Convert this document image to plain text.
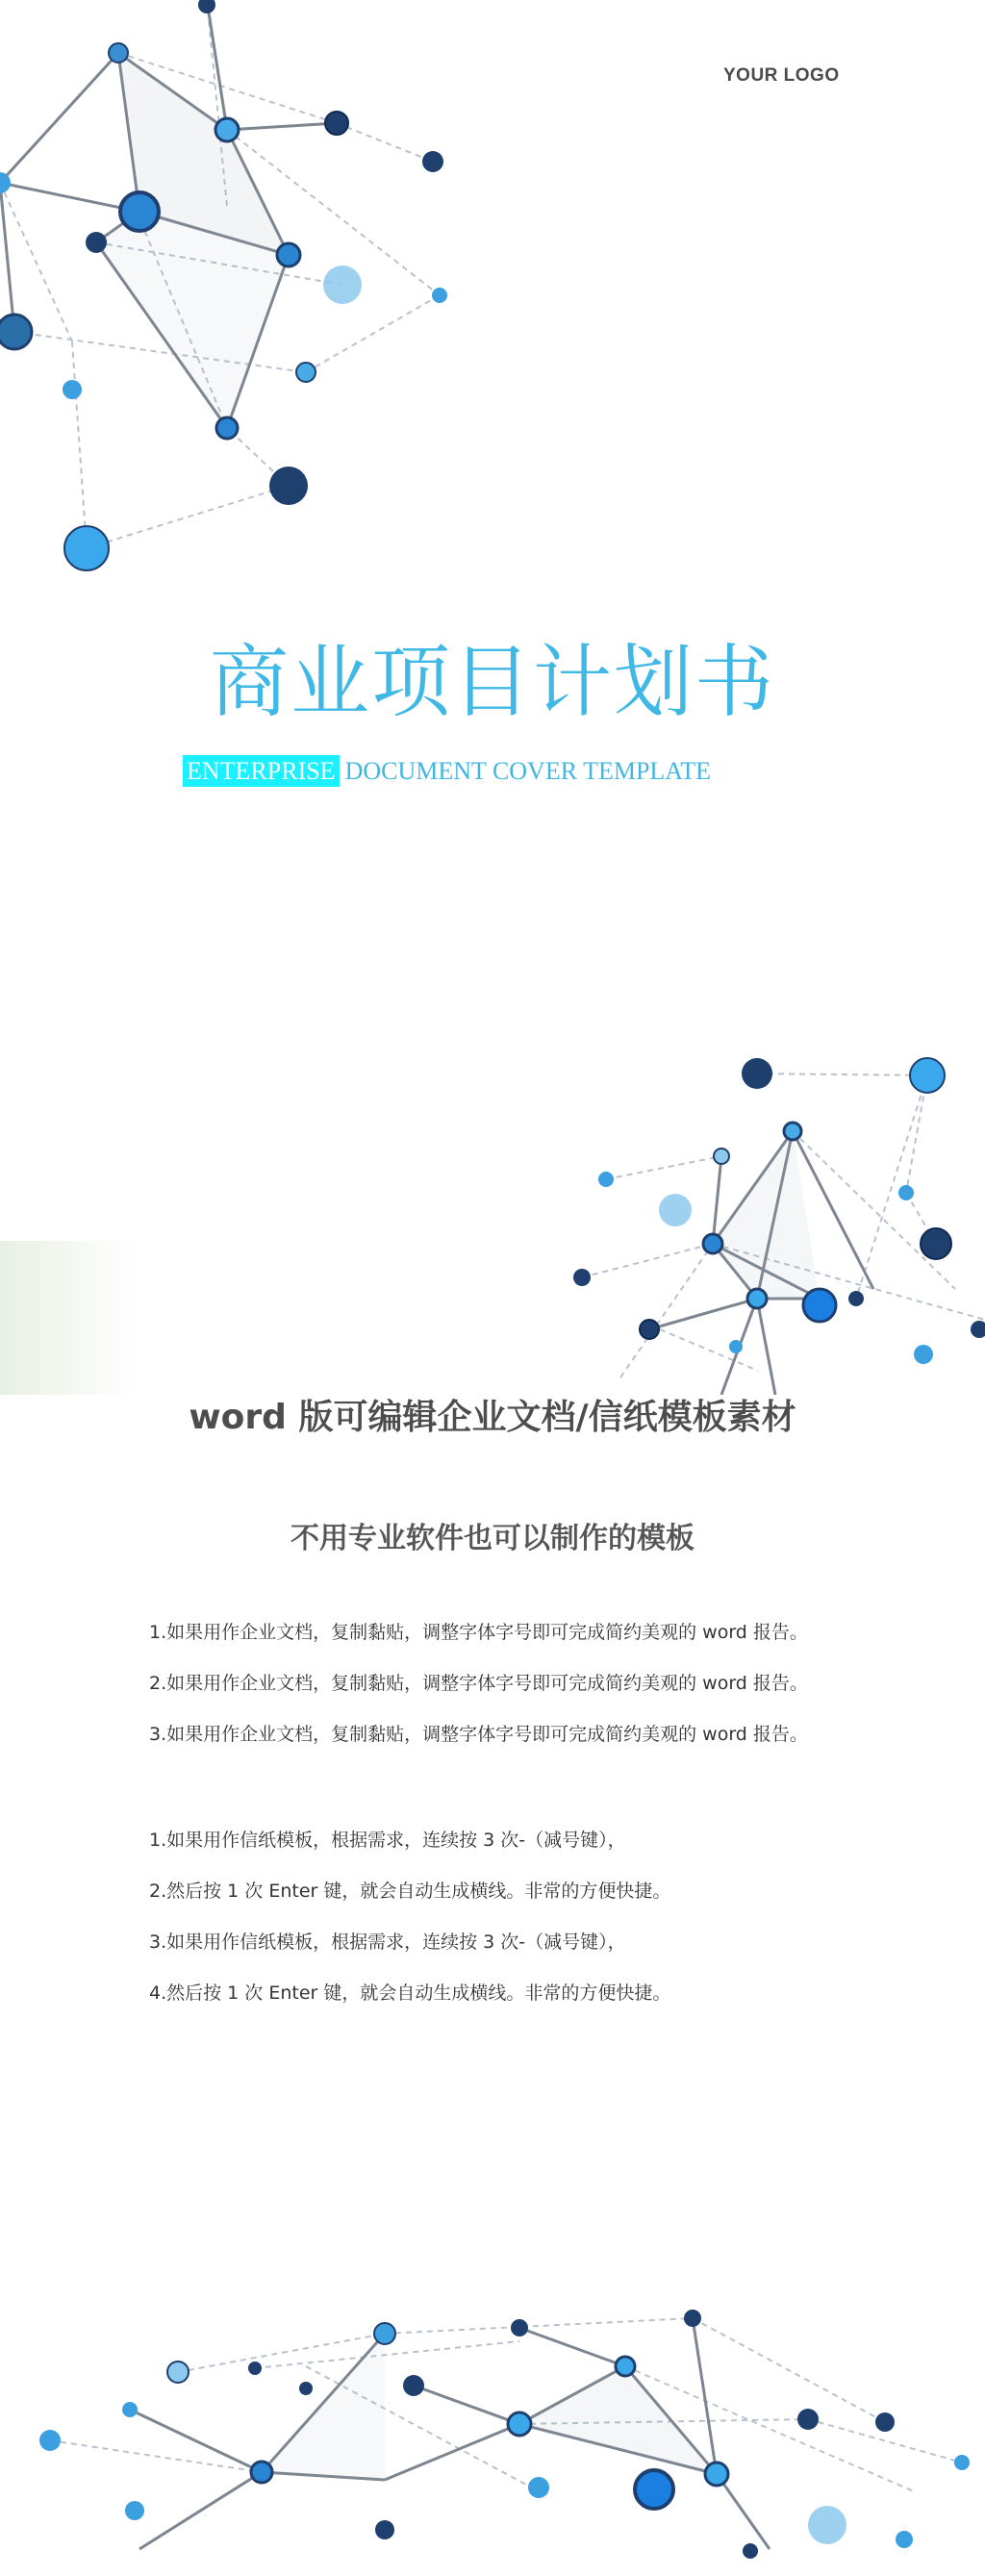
YOUR LOGO
商业项目计划书
ENTERPRISE DOCUMENT COVER TEMPLATE
word 版可编辑企业文档/信纸模板素材
不用专业软件也可以制作的模板
1.如果用作企业文档，复制黏贴，调整字体字号即可完成简约美观的 word 报告。
2.如果用作企业文档，复制黏贴，调整字体字号即可完成简约美观的 word 报告。
3.如果用作企业文档，复制黏贴，调整字体字号即可完成简约美观的 word 报告。
1.如果用作信纸模板，根据需求，连续按 3 次-（减号键），
2.然后按 1 次 Enter 键，就会自动生成横线。非常的方便快捷。
3.如果用作信纸模板，根据需求，连续按 3 次-（减号键），
4.然后按 1 次 Enter 键，就会自动生成横线。非常的方便快捷。
